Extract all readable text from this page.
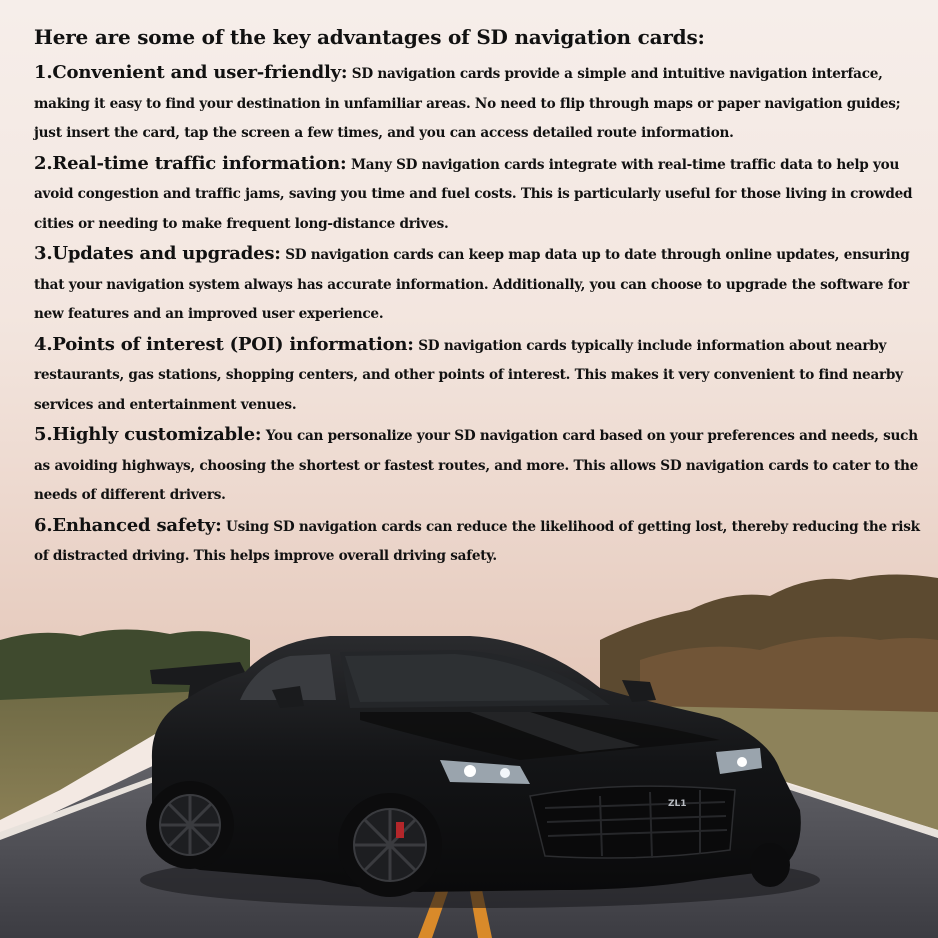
ZL1
Here are some of the key advantages of SD navigation cards:

1.Convenient and user-friendly: SD navigation cards provide a simple and intuitive navigation interface, making it easy to find your destination in unfamiliar areas. No need to flip through maps or paper navigation guides; just insert the card, tap the screen a few times, and you can access detailed route information.

2.Real-time traffic information: Many SD navigation cards integrate with real-time traffic data to help you avoid congestion and traffic jams, saving you time and fuel costs. This is particularly useful for those living in crowded cities or needing to make frequent long-distance drives.

3.Updates and upgrades: SD navigation cards can keep map data up to date through online updates, ensuring that your navigation system always has accurate information. Additionally, you can choose to upgrade the software for new features and an improved user experience.

4.Points of interest (POI) information: SD navigation cards typically include information about nearby restaurants, gas stations, shopping centers, and other points of interest. This makes it very convenient to find nearby services and entertainment venues.

5.Highly customizable: You can personalize your SD navigation card based on your preferences and needs, such as avoiding highways, choosing the shortest or fastest routes, and more. This allows SD navigation cards to cater to the needs of different drivers.

6.Enhanced safety: Using SD navigation cards can reduce the likelihood of getting lost, thereby reducing the risk of distracted driving. This helps improve overall driving safety.
